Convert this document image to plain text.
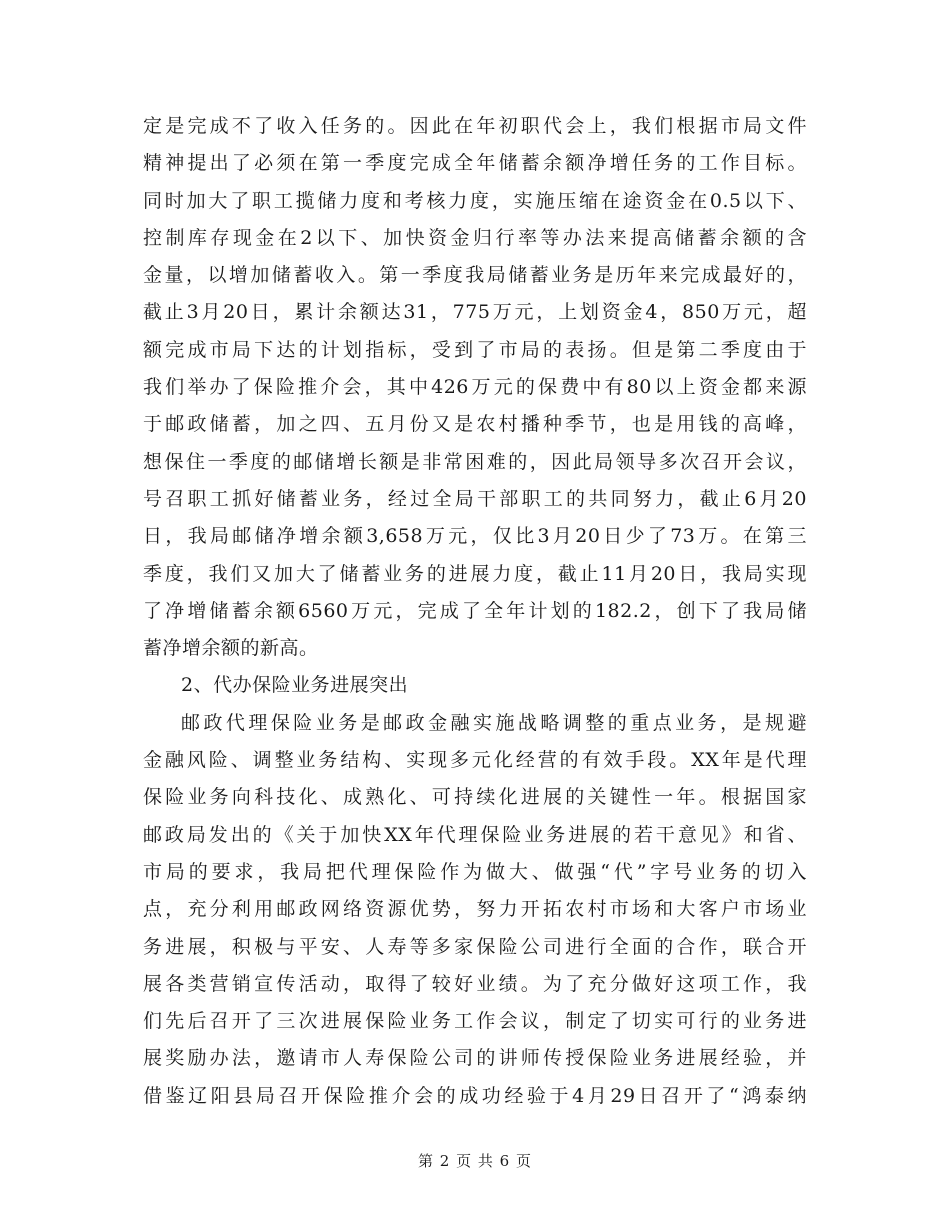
定是完成不了收入任务的。因此在年初职代会上，我们根据市局文件
精神提出了必须在第一季度完成全年储蓄余额净增任务的工作目标。
同时加大了职工揽储力度和考核力度，实施压缩在途资金在0.5以下、
控制库存现金在2以下、加快资金归行率等办法来提高储蓄余额的含
金量，以增加储蓄收入。第一季度我局储蓄业务是历年来完成最好的，
截止3月20日，累计余额达31，775万元，上划资金4，850万元，超
额完成市局下达的计划指标，受到了市局的表扬。但是第二季度由于
我们举办了保险推介会，其中426万元的保费中有80以上资金都来源
于邮政储蓄，加之四、五月份又是农村播种季节，也是用钱的高峰，
想保住一季度的邮储增长额是非常困难的，因此局领导多次召开会议，
号召职工抓好储蓄业务，经过全局干部职工的共同努力，截止6月20
日，我局邮储净增余额3,658万元，仅比3月20日少了73万。在第三
季度，我们又加大了储蓄业务的进展力度，截止11月20日，我局实现
了净增储蓄余额6560万元，完成了全年计划的182.2，创下了我局储
蓄净增余额的新高。
2、代办保险业务进展突出
邮政代理保险业务是邮政金融实施战略调整的重点业务，是规避
金融风险、调整业务结构、实现多元化经营的有效手段。XX年是代理
保险业务向科技化、成熟化、可持续化进展的关键性一年。根据国家
邮政局发出的《关于加快XX年代理保险业务进展的若干意见》和省、
市局的要求，我局把代理保险作为做大、做强“代”字号业务的切入
点，充分利用邮政网络资源优势，努力开拓农村市场和大客户市场业
务进展，积极与平安、人寿等多家保险公司进行全面的合作，联合开
展各类营销宣传活动，取得了较好业绩。为了充分做好这项工作，我
们先后召开了三次进展保险业务工作会议，制定了切实可行的业务进
展奖励办法，邀请市人寿保险公司的讲师传授保险业务进展经验，并
借鉴辽阳县局召开保险推介会的成功经验于4月29日召开了“鸿泰纳
第 2 页 共 6 页
